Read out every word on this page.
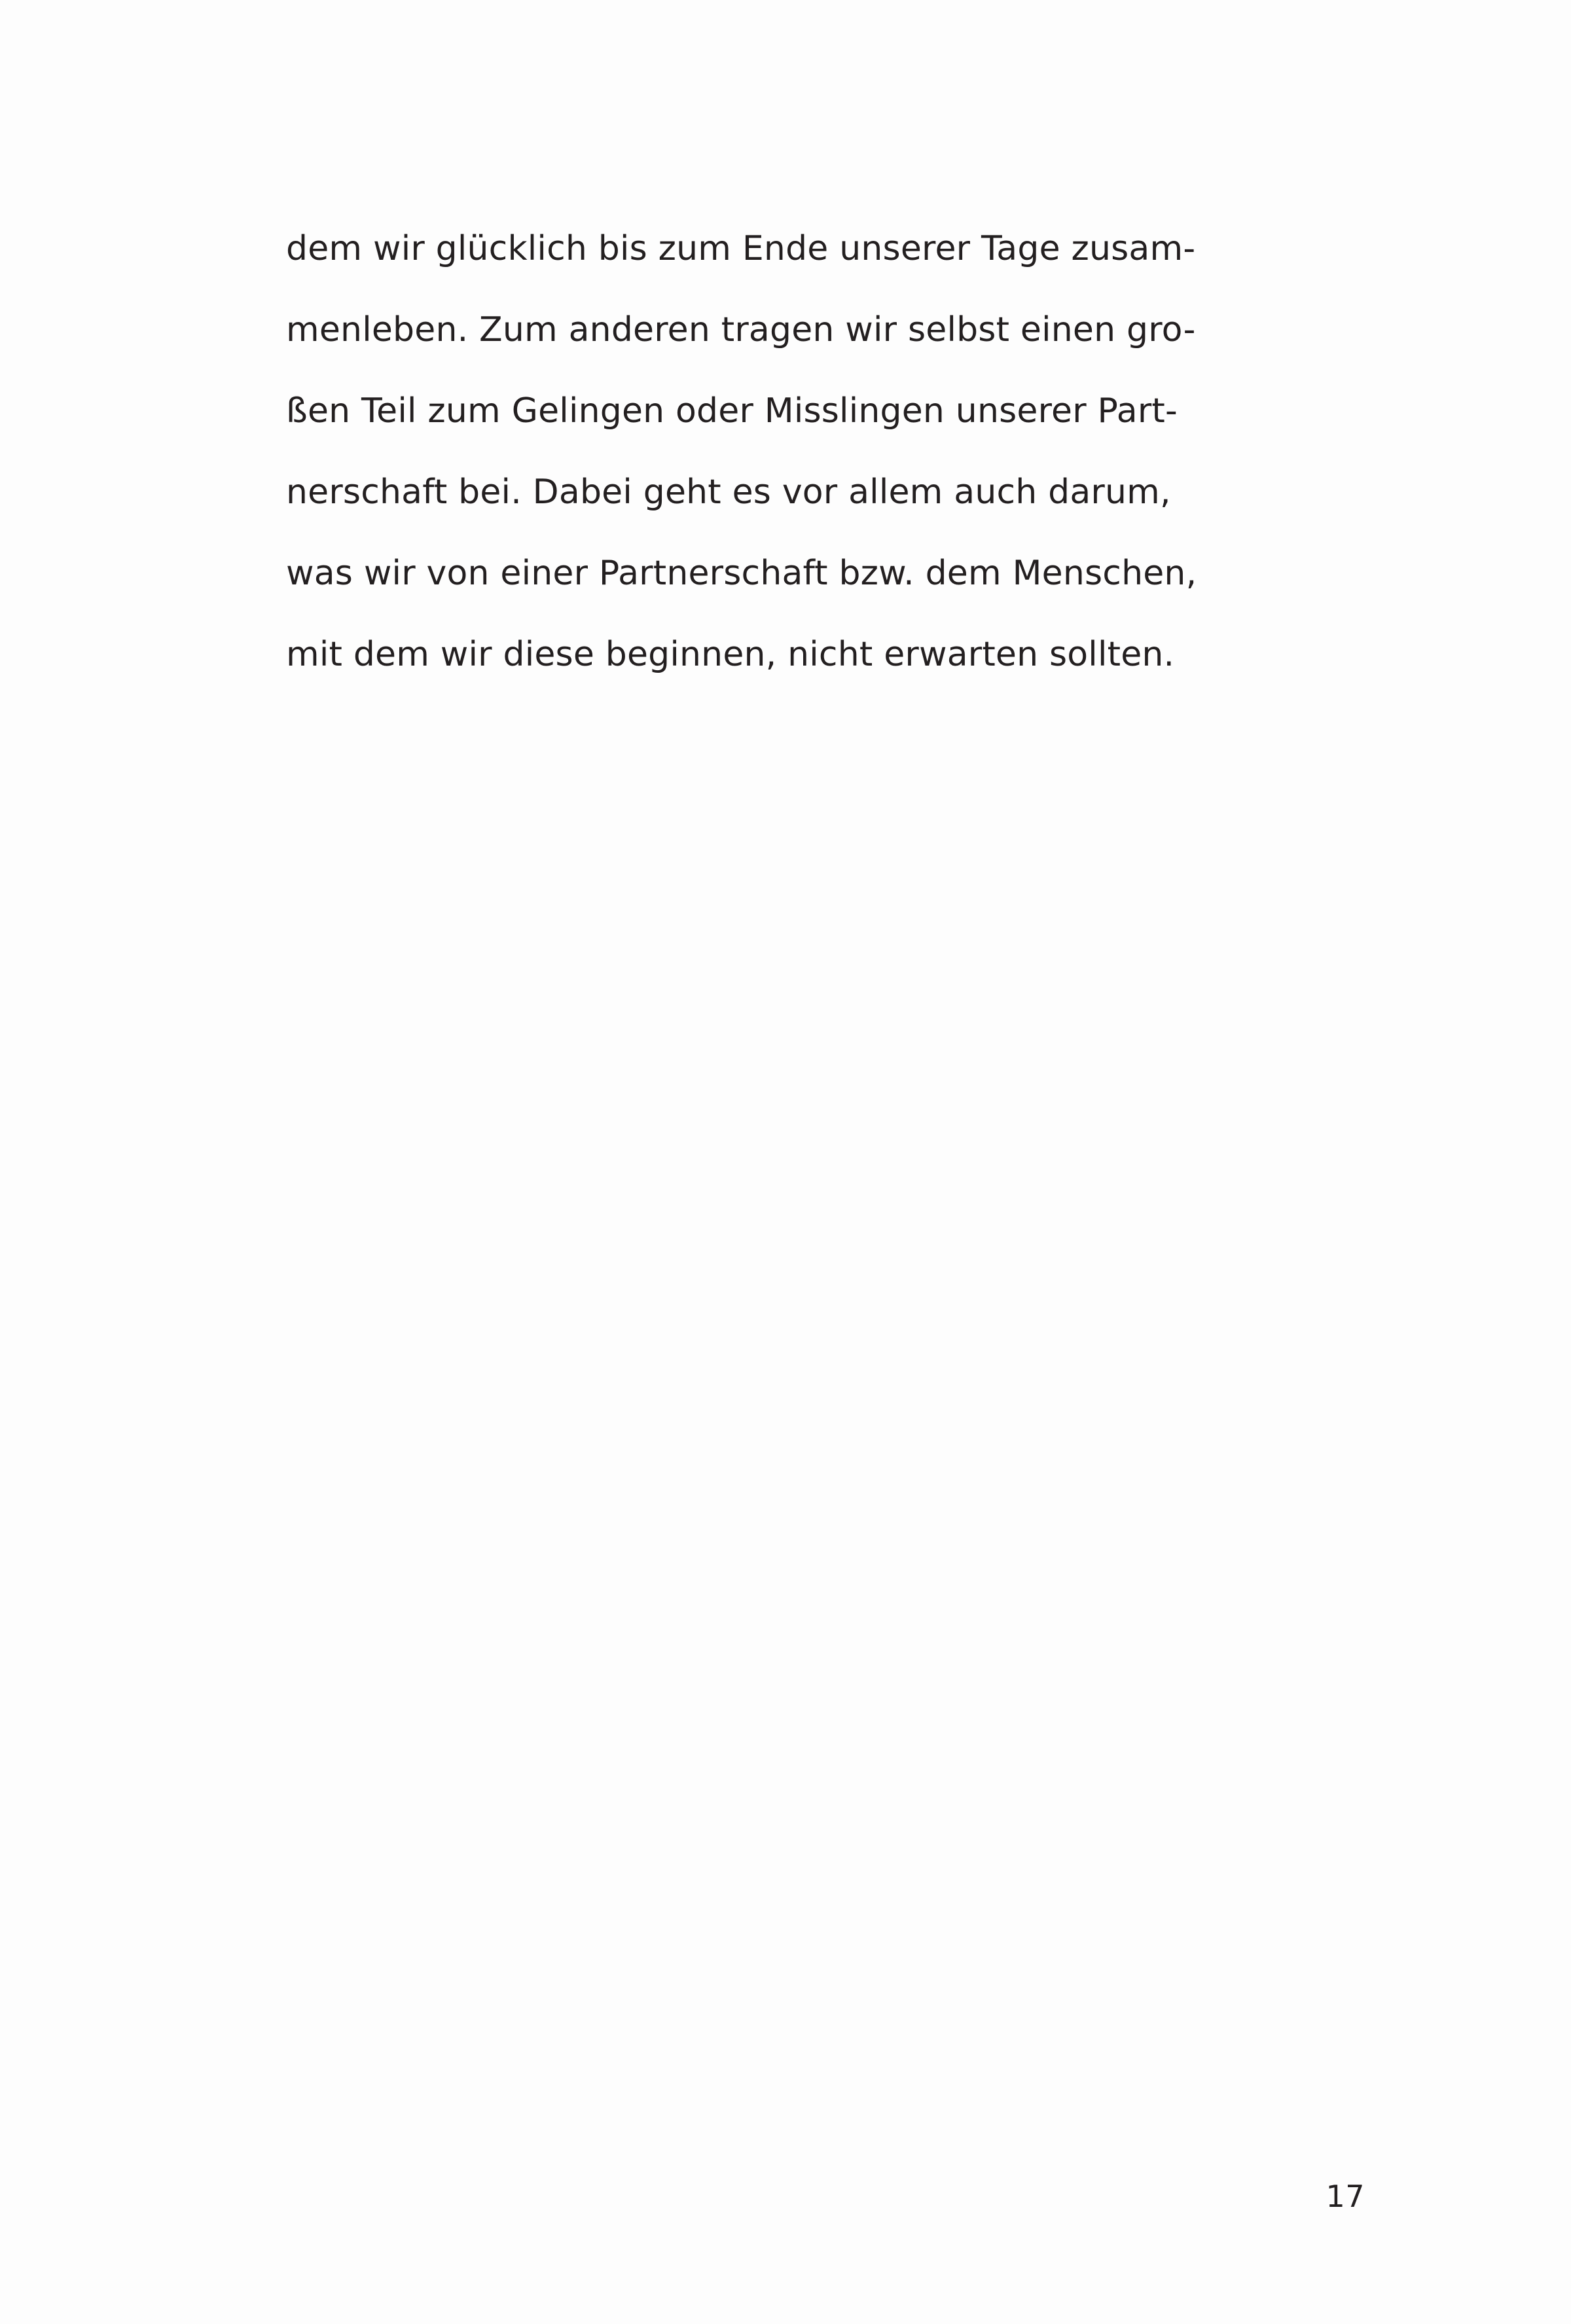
dem wir glücklich bis zum Ende unserer Tage zusam-
menleben. Zum anderen tragen wir selbst einen gro-
ßen Teil zum Gelingen oder Misslingen unserer Part-
nerschaft bei. Dabei geht es vor allem auch darum,
was wir von einer Partnerschaft bzw. dem Menschen,
mit dem wir diese beginnen, nicht erwarten sollten.
17
